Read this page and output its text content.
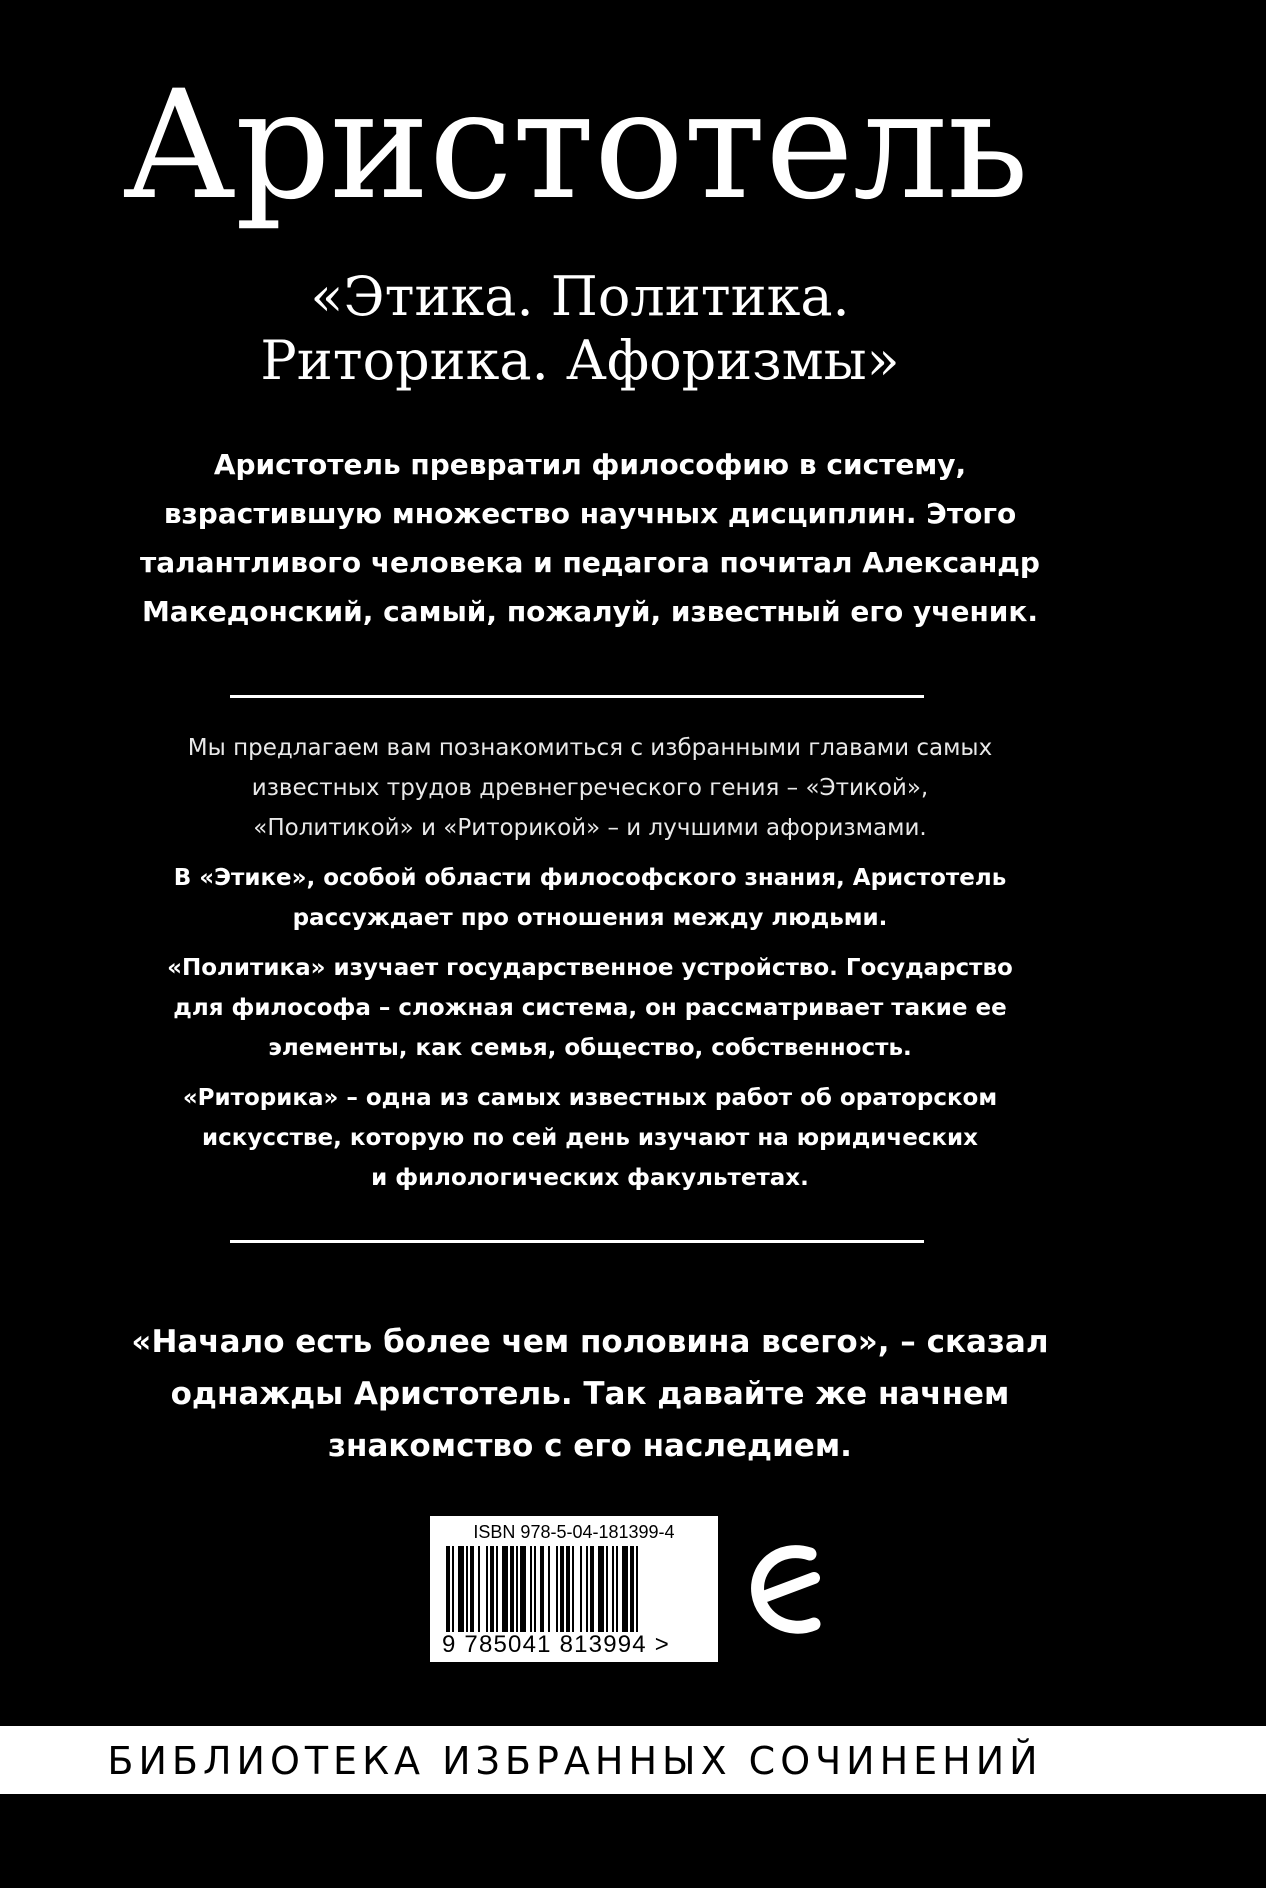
Аристотель
«Этика. Политика.
Риторика. Афоризмы»
Аристотель превратил философию в систему,
взрастившую множество научных дисциплин. Этого
талантливого человека и педагога почитал Александр
Македонский, самый, пожалуй, известный его ученик.

Мы предлагаем вам познакомиться с избранными главами самых
известных трудов древнегреческого гения – «Этикой»,
«Политикой» и «Риторикой» – и лучшими афоризмами.

В «Этике», особой области философского знания, Аристотель
рассуждает про отношения между людьми.

«Политика» изучает государственное устройство. Государство
для философа – сложная система, он рассматривает такие ее
элементы, как семья, общество, собственность.

«Риторика» – одна из самых известных работ об ораторском
искусстве, которую по сей день изучают на юридических
и филологических факультетах.

«Начало есть более чем половина всего», – сказал
однажды Аристотель. Так давайте же начнем
знакомство с его наследием.
ISBN 978-5-04-181399-4
9 785041 813994 >
БИБЛИОТЕКА ИЗБРАННЫХ СОЧИНЕНИЙ
